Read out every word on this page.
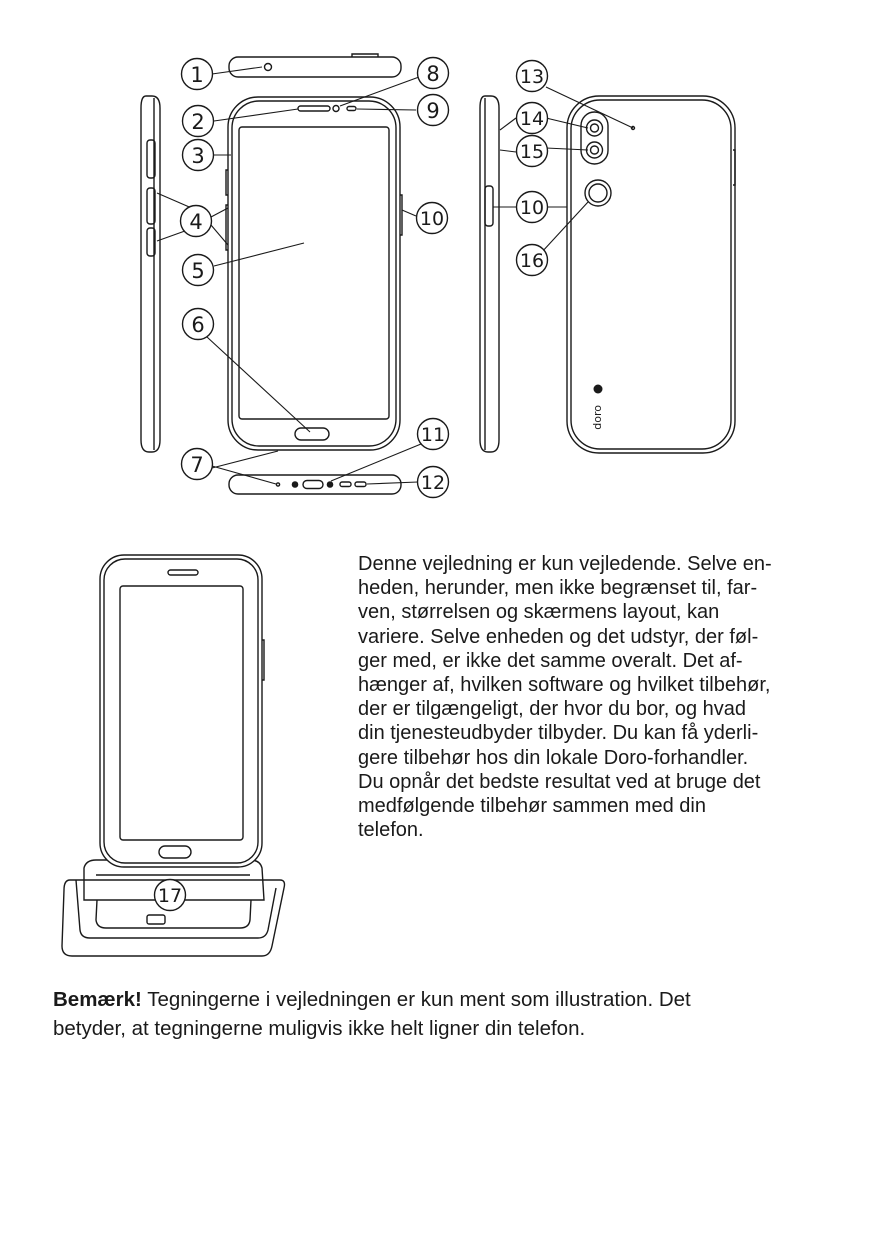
doro
1
2
3
4
5
6
7
8
9
10
11
12
13
14
15
10
16
17

Denne vejledning er kun vejledende. Selve en-
heden, herunder, men ikke begrænset til, far-
ven, størrelsen og skærmens layout, kan
variere. Selve enheden og det udstyr, der føl-
ger med, er ikke det samme overalt. Det af-
hænger af, hvilken software og hvilket tilbehør,
der er tilgængeligt, der hvor du bor, og hvad
din tjenesteudbyder tilbyder. Du kan få yderli-
gere tilbehør hos din lokale Doro-forhandler.
Du opnår det bedste resultat ved at bruge det
medfølgende tilbehør sammen med din
telefon.

Bemærk! Tegningerne i vejledningen er kun ment som illustration. Det
betyder, at tegningerne muligvis ikke helt ligner din telefon.
